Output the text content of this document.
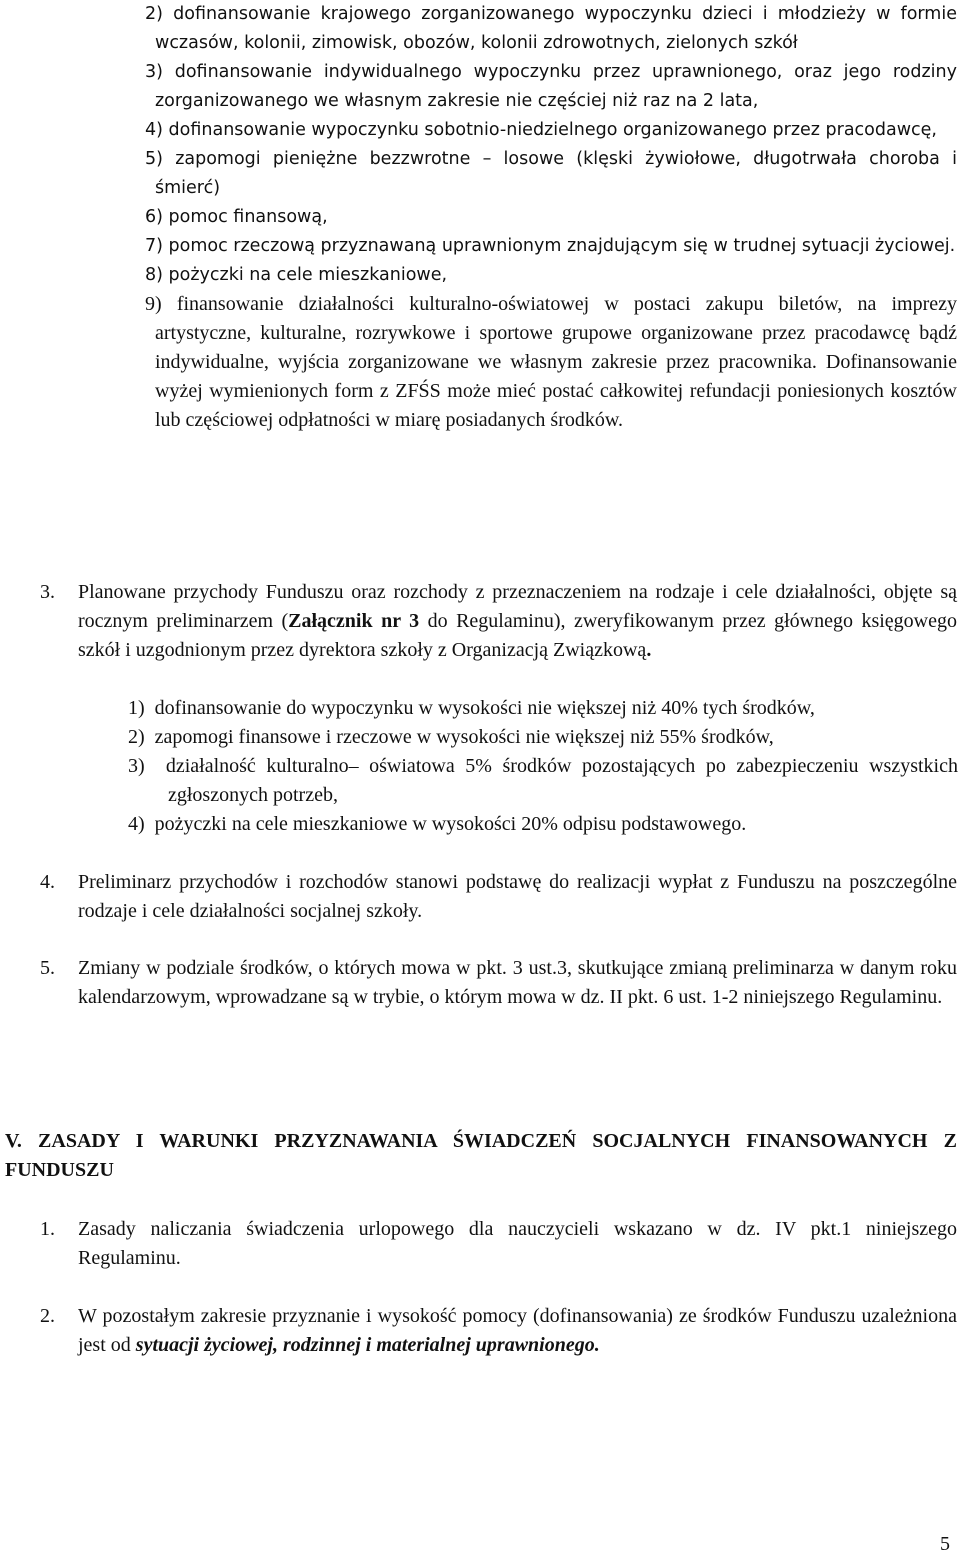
2) dofinansowanie krajowego zorganizowanego wypoczynku dzieci i młodzieży w formie wczasów, kolonii, zimowisk, obozów, kolonii zdrowotnych, zielonych szkół
3) dofinansowanie indywidualnego wypoczynku przez uprawnionego, oraz jego rodziny zorganizowanego we własnym zakresie nie częściej niż raz na 2 lata,
4) dofinansowanie wypoczynku sobotnio-niedzielnego organizowanego przez pracodawcę,
5) zapomogi pieniężne bezzwrotne – losowe (klęski żywiołowe, długotrwała choroba i śmierć)
6) pomoc finansową,
7) pomoc rzeczową przyznawaną uprawnionym znajdującym się w trudnej sytuacji życiowej.
8) pożyczki na cele mieszkaniowe,
9) finansowanie działalności kulturalno-oświatowej w postaci zakupu biletów, na imprezy artystyczne, kulturalne, rozrywkowe i sportowe grupowe organizowane przez pracodawcę bądź indywidualne, wyjścia zorganizowane we własnym zakresie przez pracownika. Dofinansowanie wyżej wymienionych form z ZFŚS może mieć postać całkowitej refundacji poniesionych kosztów lub częściowej odpłatności w miarę posiadanych środków.
3. Planowane przychody Funduszu oraz rozchody z przeznaczeniem na rodzaje i cele działalności, objęte są rocznym preliminarzem (Załącznik nr 3 do Regulaminu), zweryfikowanym przez głównego księgowego szkół i uzgodnionym przez dyrektora szkoły z Organizacją Związkową.
1) dofinansowanie do wypoczynku w wysokości nie większej niż 40% tych środków,
2) zapomogi finansowe i rzeczowe w wysokości nie większej niż 55% środków,
3) działalność kulturalno– oświatowa 5% środków pozostających po zabezpieczeniu wszystkich zgłoszonych potrzeb,
4) pożyczki na cele mieszkaniowe w wysokości 20% odpisu podstawowego.
4. Preliminarz przychodów i rozchodów stanowi podstawę do realizacji wypłat z Funduszu na poszczególne rodzaje i cele działalności socjalnej szkoły.
5. Zmiany w podziale środków, o których mowa w pkt. 3 ust.3, skutkujące zmianą preliminarza w danym roku kalendarzowym, wprowadzane są w trybie, o którym mowa w dz. II pkt. 6 ust. 1-2 niniejszego Regulaminu.
V. ZASADY I WARUNKI PRZYZNAWANIA ŚWIADCZEŃ SOCJALNYCH FINANSOWANYCH Z FUNDUSZU
1. Zasady naliczania świadczenia urlopowego dla nauczycieli wskazano w dz. IV pkt.1 niniejszego Regulaminu.
2. W pozostałym zakresie przyznanie i wysokość pomocy (dofinansowania) ze środków Funduszu uzależniona jest od sytuacji życiowej, rodzinnej i materialnej uprawnionego.
5
